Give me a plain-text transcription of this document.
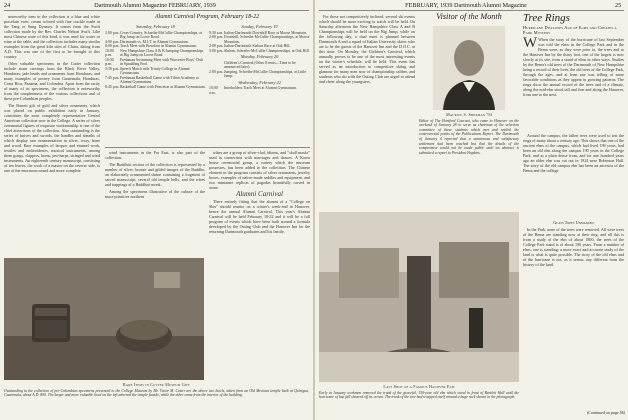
24	Dartmouth Alumni Magazine FEBRUARY, 1939

noteworthy item in the collection is a blue and white porcelain ewer, cream colored with fine crackle made in the Tang or Sung Dynasty. It comes from the Swift collection made by the Rev. Charles Nelson Swift. Like most Chinese ware of this kind, it was used for water or wine at the table, and the collection includes many similar examples from the great kiln sites of China, dating from A.D. This was one of the first to be brought to this country.

Other valuable specimens in the Cutter collection include stone carvings from the Black River Valley, Honduras; jade beads and ornaments from Honduras; and many examples of pottery from Guatemala, Honduras, Costa Rica, Panama, and Colombia. Apart from the rarity of many of its specimens, the collection is noteworthy from the completeness of the various collections and of these pre-Columbian peoples.

The Barrett gift of gold and silver ornaments, which was placed on public exhibition early in January, constitutes the most completely representative Central American collection now in the College. A series of silver ceremonial figures of exquisite workmanship is one of the chief attractions of the collection. Also outstanding is the series of knives and swords, the handles and sheaths of which display rare ornamentation in silver, ivory, bone and wood. Rare examples of lacquer and enamel work, textiles and embroideries, musical instruments, among them gongs, clappers, horns, jaw-harps, stringed and wind instruments. An eighteenth century manuscript, consisting of ten leaves, the work of a master on the reverse side, is one of the enormous sound and more complete

Alumni Carnival Program, February 18-22
Saturday, February 18
2:00 p.m. Cross-Country, Schreihs-McCullie Championships, at Big Jump on Loose Road.
4:00 p.m. Dartmouth vs. M.I.T. in Alumni Gymnasium.
8:00 p.m. Track Meet with Bowdoin in Alumni Gymnasium.
10:00 p.m.
New Hampshire Class A & B Jumping Championships at Big Jump on Loose Road.
10:30 p.m.
Freshman Swimming Meet with Worcester Boys' Club in Spaulding Pool.
3:30 p.m. Speech Match with Trinity College in Alumni Gymnasium.
7:45 p.m. Freshman Basketball Game with Tilton Academy at Alumni Gymnasium.
8:45 p.m. Basketball Game with Princeton at Alumni Gymnasium.
Sunday, February 19
9:30 a.m. Italian-Dartmouth Downhill Race at Moose Mountain.
2:00 p.m. Downhill, Schreihs-McCullie Championships, at Moose Mountain.
2:00 p.m. Italian-Dartmouth Slalom Race at Oak Hill.
3:00 p.m. Slalom, Schreihs-McCullie Championships, at Oak Hill.
Monday, February 20
Children's Carnival (Other Events—Time to be announced later).
2:00 p.m. Jumping, Schreihs-McCullie Championships, at Little Jump.
Wednesday, February 22
10:00 a.m.
Interholders Track Meet at Alumni Gymnasium.

wind instruments in the Far East, is also part of the collection.

The Buddhist section of the collection is represented by a number of silver, bronze and gilded images of the Buddha, an elaborately ornamented shrine containing a fragment of sacred manuscript, several old temple bells, and the robes and trappings of a Buddhist monk.

Among the specimens illustrative of the culture of the more primitive northern

tribes are a group of silver-clad, idioms, and "skull masks" used in connection with marriages and dances. A Korea house ceremonial group, a variety which the museum possesses, has been added to the collection. The Chinese element in the program consists of silver ornaments, jewelry boxes, examples of native-made saddles and equipment, and two miniature replicas of pagodas beautifully carved in stone.

Alumni Carnival

There entirely fitting that the alumni of a "College on Skis" should reunite on a winter's week-end in Hanover, hence the annual Alumni Carnival. This year's Alumni Carnival will be held February 18-22 and it will be a full program of events which have been built around a formula developed by the Outing Club and the Hanover Inn for the returning Dartmouth graduates and his family.

Rare Items in Cutter Museum Gift
Outstanding in the collection of pre-Columbian specimens presented to the College Museum by Mr. Victor M. Cutter are the above two bowls, taken from an Old Mexican temple built at Quirigua, Guatemala, about A.D. 800. The larger and more valuable bowl on the left adorned the temple facade, while the other came from the interior of the building.
FEBRUARY, 1939 Dartmouth Alumni Magazine	25

For those not competitively inclined, several ski events which should be more exciting to watch will be held. On Saturday afternoon the New Hampshire Class A and B Championships will be held on the Big Jump, while on the following day, a dual meet is planned between Dartmouth A and a squad of Italian University skiers who are to be the guests of the Hanover Inn and the D.O.C. at this time. On Monday, the Children's Carnival, which annually proves to be one of the most interesting events on the winter's schedule, will be held. This event has served as an introduction to competitive skiing and glamour for many men now of championship caliber, and students who ski with the Outing Club are urged to attend and cheer along the youngsters.

Visitor of the Month
Maurice S. Sherman '94
Editor of The Hartford Courant, who came to Hanover on the weekend of January 28 to serve as chairman of the selection committee of these students which met and settled the controversial points of the Publications Report. The Dartmouth of January 4 reported that a unanimous and satisfactory settlement had been reached but that the details of the compromise would not be made public until an abstract is submitted a report to President Hopkins.
Tree Rings
Hurricane Discloses Age of Elms and Creates a Park Mystery

W When the story of the hurricane of last September was told the elms in the College Park and in the Bema were, as they were prior to, the trees and to the Hanover Inn by the thirty foot, one of the largest is now slowly at its site, from a stand of elms in other ways. Studies by the Bema's old trees of the Dartmouth of New Hampshire being a record of their lives, the old trees of the College Park, through the ages, and at least one was telling of more favorable conditions as they appear in growing patterns. The rings show the annual record of the trees and of a climate, along the mid-elm stood tall and fine and along the Hanover, from one to the next.

Around the campus, the fallen trees were used to test the rings of many about a century ago. This shows that one of the ancient elms of the campus, which had lived 190 years, had been an old elm along the campus 190 years in the College Park, and as a plain dense from, and for one hundred years ago an older elm was cut out in 1924 near Robinson Hall. The story of the old campus elm has been an ancestor of the Bema and the college.

Last Shot of a Famous Hanover Elm
Early in January workmen removed the trunk of the graceful, 150-year old elm which stood in front of Bartlett Hall until the hurricane of last fall sheared off its crown. The trunk of the tree had wrapped itself around a huge rock shown in the photograph.
Glass Trees Unmasked

In the Park, none of the trees were removed. All were trees of the Bema are standing now at their ring, and all this is from a study of the elm of about 1800, the trees of the College Park stand is of about 190 years. From a number of elms, one is standing; a more exact and accurate study of the land is what is quite possible. The story of the old elms and of the hurricane is not, as it seems, any different from the history of the land.

(Continued on page 56)
